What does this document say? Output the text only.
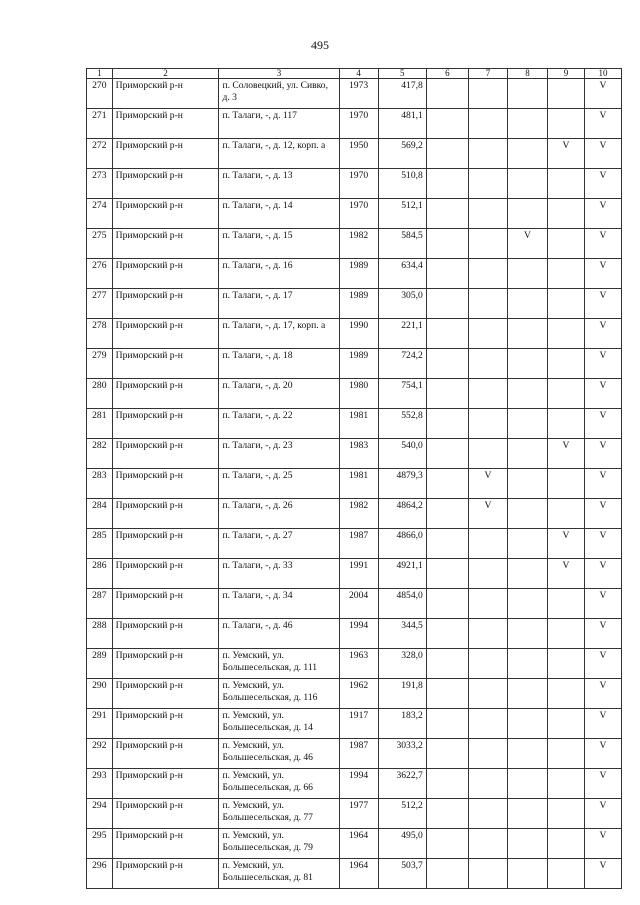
495
1	2	3	4	5	6	7	8	9	10
270	Приморский р-н	п. Соловецкий, ул. Сивко, д. 3	1973	417,8					V
271	Приморский р-н	п. Талаги, -, д. 117	1970	481,1					V
272	Приморский р-н	п. Талаги, -, д. 12, корп. а	1950	569,2				V	V
273	Приморский р-н	п. Талаги, -, д. 13	1970	510,8					V
274	Приморский р-н	п. Талаги, -, д. 14	1970	512,1					V
275	Приморский р-н	п. Талаги, -, д. 15	1982	584,5			V		V
276	Приморский р-н	п. Талаги, -, д. 16	1989	634,4					V
277	Приморский р-н	п. Талаги, -, д. 17	1989	305,0					V
278	Приморский р-н	п. Талаги, -, д. 17, корп. а	1990	221,1					V
279	Приморский р-н	п. Талаги, -, д. 18	1989	724,2					V
280	Приморский р-н	п. Талаги, -, д. 20	1980	754,1					V
281	Приморский р-н	п. Талаги, -, д. 22	1981	552,8					V
282	Приморский р-н	п. Талаги, -, д. 23	1983	540,0				V	V
283	Приморский р-н	п. Талаги, -, д. 25	1981	4879,3		V			V
284	Приморский р-н	п. Талаги, -, д. 26	1982	4864,2		V			V
285	Приморский р-н	п. Талаги, -, д. 27	1987	4866,0				V	V
286	Приморский р-н	п. Талаги, -, д. 33	1991	4921,1				V	V
287	Приморский р-н	п. Талаги, -, д. 34	2004	4854,0					V
288	Приморский р-н	п. Талаги, -, д. 46	1994	344,5					V
289	Приморский р-н	п. Уемский, ул. Большесельская, д. 111	1963	328,0					V
290	Приморский р-н	п. Уемский, ул. Большесельская, д. 116	1962	191,8					V
291	Приморский р-н	п. Уемский, ул. Большесельская, д. 14	1917	183,2					V
292	Приморский р-н	п. Уемский, ул. Большесельская, д. 46	1987	3033,2					V
293	Приморский р-н	п. Уемский, ул. Большесельская, д. 66	1994	3622,7					V
294	Приморский р-н	п. Уемский, ул. Большесельская, д. 77	1977	512,2					V
295	Приморский р-н	п. Уемский, ул. Большесельская, д. 79	1964	495,0					V
296	Приморский р-н	п. Уемский, ул. Большесельская, д. 81	1964	503,7					V
